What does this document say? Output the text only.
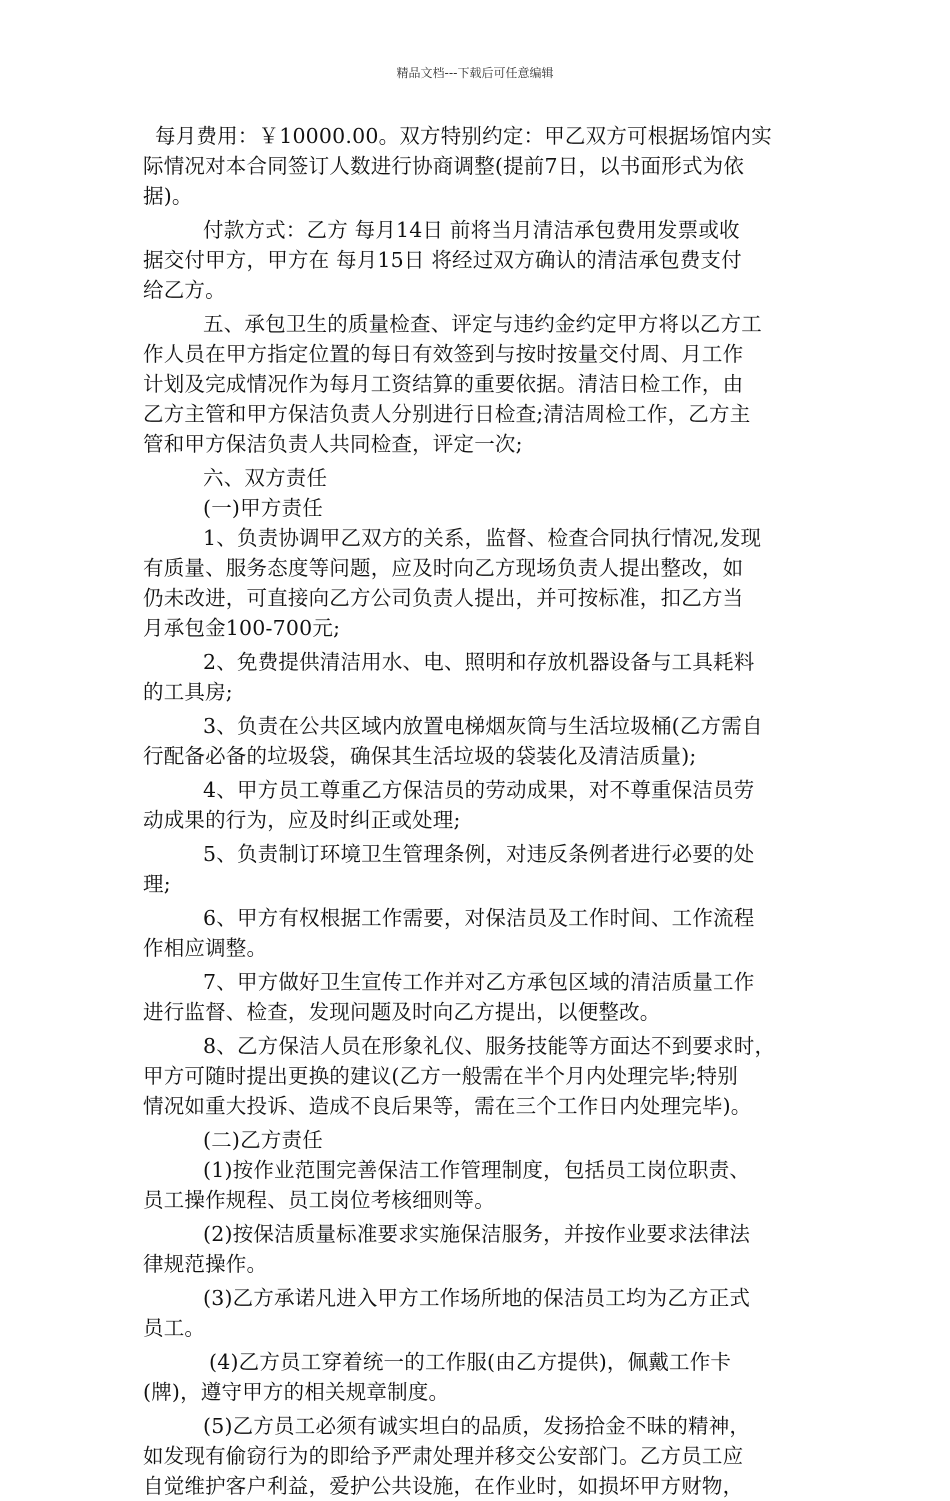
精品文档---下载后可任意编辑
每月费用：￥10000.00。双方特别约定：甲乙双方可根据场馆内实
际情况对本合同签订人数进行协商调整(提前7日，以书面形式为依
据)。
付款方式：乙方 每月14日 前将当月清洁承包费用发票或收
据交付甲方，甲方在 每月15日 将经过双方确认的清洁承包费支付
给乙方。
五、承包卫生的质量检查、评定与违约金约定甲方将以乙方工
作人员在甲方指定位置的每日有效签到与按时按量交付周、月工作
计划及完成情况作为每月工资结算的重要依据。清洁日检工作，由
乙方主管和甲方保洁负责人分别进行日检查;清洁周检工作，乙方主
管和甲方保洁负责人共同检查，评定一次;
六、双方责任
(一)甲方责任
1、负责协调甲乙双方的关系，监督、检查合同执行情况,发现
有质量、服务态度等问题，应及时向乙方现场负责人提出整改，如
仍未改进，可直接向乙方公司负责人提出，并可按标准，扣乙方当
月承包金100-700元;
2、免费提供清洁用水、电、照明和存放机器设备与工具耗料
的工具房;
3、负责在公共区域内放置电梯烟灰筒与生活垃圾桶(乙方需自
行配备必备的垃圾袋，确保其生活垃圾的袋装化及清洁质量);
4、甲方员工尊重乙方保洁员的劳动成果，对不尊重保洁员劳
动成果的行为，应及时纠正或处理;
5、负责制订环境卫生管理条例，对违反条例者进行必要的处
理;
6、甲方有权根据工作需要，对保洁员及工作时间、工作流程
作相应调整。
7、甲方做好卫生宣传工作并对乙方承包区域的清洁质量工作
进行监督、检查，发现问题及时向乙方提出，以便整改。
8、乙方保洁人员在形象礼仪、服务技能等方面达不到要求时，
甲方可随时提出更换的建议(乙方一般需在半个月内处理完毕;特别
情况如重大投诉、造成不良后果等，需在三个工作日内处理完毕)。
(二)乙方责任
(1)按作业范围完善保洁工作管理制度，包括员工岗位职责、
员工操作规程、员工岗位考核细则等。
(2)按保洁质量标准要求实施保洁服务，并按作业要求法律法
律规范操作。
(3)乙方承诺凡进入甲方工作场所地的保洁员工均为乙方正式
员工。
(4)乙方员工穿着统一的工作服(由乙方提供)，佩戴工作卡
(牌)，遵守甲方的相关规章制度。
(5)乙方员工必须有诚实坦白的品质，发扬拾金不昧的精神，
如发现有偷窃行为的即给予严肃处理并移交公安部门。乙方员工应
自觉维护客户利益，爱护公共设施，在作业时，如损坏甲方财物，
